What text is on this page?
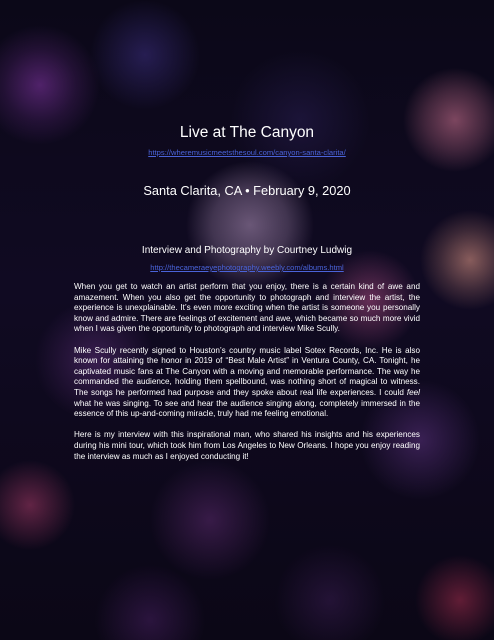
Live at The Canyon
https://wheremusicmeetsthesoul.com/canyon-santa-clarita/
Santa Clarita, CA • February 9, 2020
Interview and Photography by Courtney Ludwig
http://thecameraeyephotography.weebly.com/albums.html

When you get to watch an artist perform that you enjoy, there is a certain kind of awe and amazement. When you also get the opportunity to photograph and interview the artist, the experience is unexplainable. It’s even more exciting when the artist is someone you personally know and admire. There are feelings of excitement and awe, which became so much more vivid when I was given the opportunity to photograph and interview Mike Scully.

Mike Scully recently signed to Houston’s country music label Sotex Records, Inc. He is also known for attaining the honor in 2019 of “Best Male Artist” in Ventura County, CA. Tonight, he captivated music fans at The Canyon with a moving and memorable performance. The way he commanded the audience, holding them spellbound, was nothing short of magical to witness. The songs he performed had purpose and they spoke about real life experiences. I could feel what he was singing. To see and hear the audience singing along, completely immersed in the essence of this up-and-coming miracle, truly had me feeling emotional.

Here is my interview with this inspirational man, who shared his insights and his experiences during his mini tour, which took him from Los Angeles to New Orleans. I hope you enjoy reading the interview as much as I enjoyed conducting it!
